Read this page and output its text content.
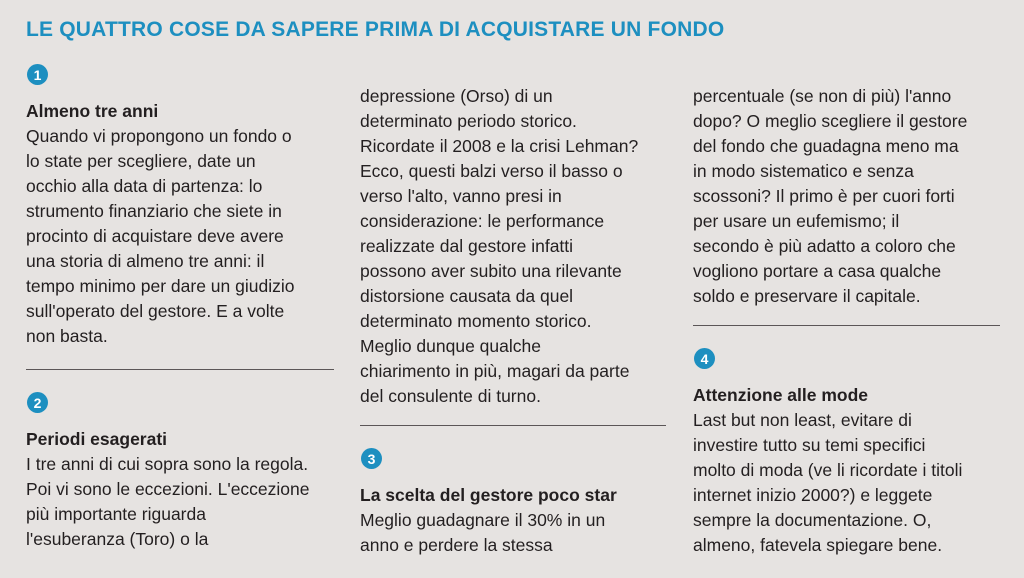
LE QUATTRO COSE DA SAPERE PRIMA DI ACQUISTARE UN FONDO
1
Almeno tre anni
Quando vi propongono un fondo o
lo state per scegliere, date un
occhio alla data di partenza: lo
strumento finanziario che siete in
procinto di acquistare deve avere
una storia di almeno tre anni: il
tempo minimo per dare un giudizio
sull'operato del gestore. E a volte
non basta.
2
Periodi esagerati
I tre anni di cui sopra sono la regola.
Poi vi sono le eccezioni. L'eccezione
più importante riguarda
l'esuberanza (Toro) o la
depressione (Orso) di un
determinato periodo storico.
Ricordate il 2008 e la crisi Lehman?
Ecco, questi balzi verso il basso o
verso l'alto, vanno presi in
considerazione: le performance
realizzate dal gestore infatti
possono aver subito una rilevante
distorsione causata da quel
determinato momento storico.
Meglio dunque qualche
chiarimento in più, magari da parte
del consulente di turno.
3
La scelta del gestore poco star
Meglio guadagnare il 30% in un
anno e perdere la stessa
percentuale (se non di più) l'anno
dopo? O meglio scegliere il gestore
del fondo che guadagna meno ma
in modo sistematico e senza
scossoni? Il primo è per cuori forti
per usare un eufemismo; il
secondo è più adatto a coloro che
vogliono portare a casa qualche
soldo e preservare il capitale.
4
Attenzione alle mode
Last but non least, evitare di
investire tutto su temi specifici
molto di moda (ve li ricordate i titoli
internet inizio 2000?) e leggete
sempre la documentazione. O,
almeno, fatevela spiegare bene.
